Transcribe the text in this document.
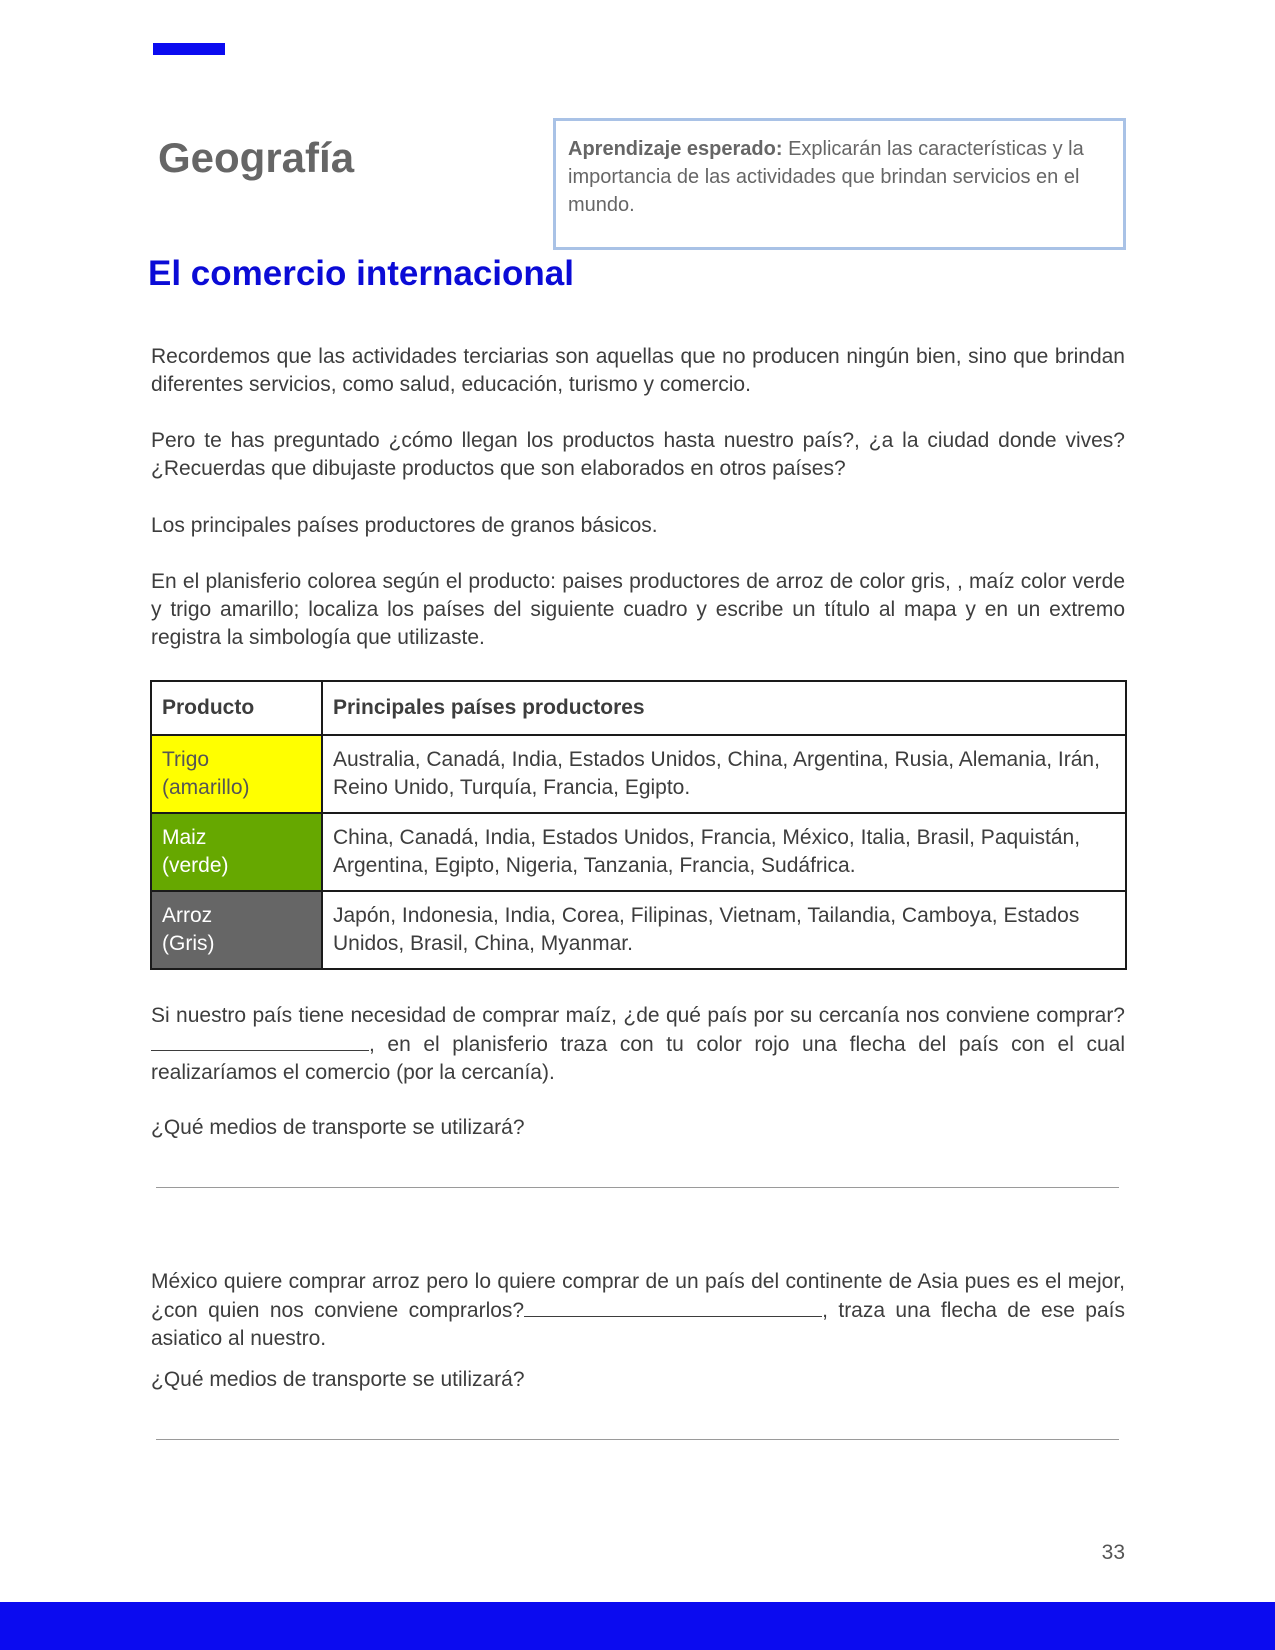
Geografía	Aprendizaje esperado: Explicarán las características y la importancia de las actividades que brindan servicios en el mundo.
El comercio internacional

Recordemos que las actividades terciarias son aquellas que no producen ningún bien, sino que brindan diferentes servicios, como salud, educación, turismo y comercio.

Pero te has preguntado ¿cómo llegan los productos hasta nuestro país?, ¿a la ciudad donde vives?¿Recuerdas que dibujaste productos que son elaborados en otros países?

Los principales países productores de granos básicos.

En el planisferio colorea según el producto: paises productores de arroz de color gris, , maíz color verde y trigo amarillo; localiza los países del siguiente cuadro y escribe un título al mapa y en un extremo registra la simbología que utilizaste.

Producto	Principales países productores
Trigo
(amarillo)	Australia, Canadá, India, Estados Unidos, China, Argentina, Rusia, Alemania, Irán, Reino Unido, Turquía, Francia, Egipto.
Maiz
(verde)	China, Canadá, India, Estados Unidos, Francia, México, Italia, Brasil, Paquistán, Argentina, Egipto, Nigeria, Tanzania, Francia, Sudáfrica.
Arroz
(Gris)	Japón, Indonesia, India, Corea, Filipinas, Vietnam, Tailandia, Camboya, Estados Unidos, Brasil, China, Myanmar.

Si nuestro país tiene necesidad de comprar maíz, ¿de qué país por su cercanía nos conviene comprar? , en el planisferio traza con tu color rojo una flecha del país con el cual realizaríamos el comercio (por la cercanía).

¿Qué medios de transporte se utilizará?

México quiere comprar arroz pero lo quiere comprar de un país del continente de Asia pues es el mejor, ¿con quien nos conviene comprarlos?	, traza una flecha de ese país asiatico al nuestro.

¿Qué medios de transporte se utilizará?

33
